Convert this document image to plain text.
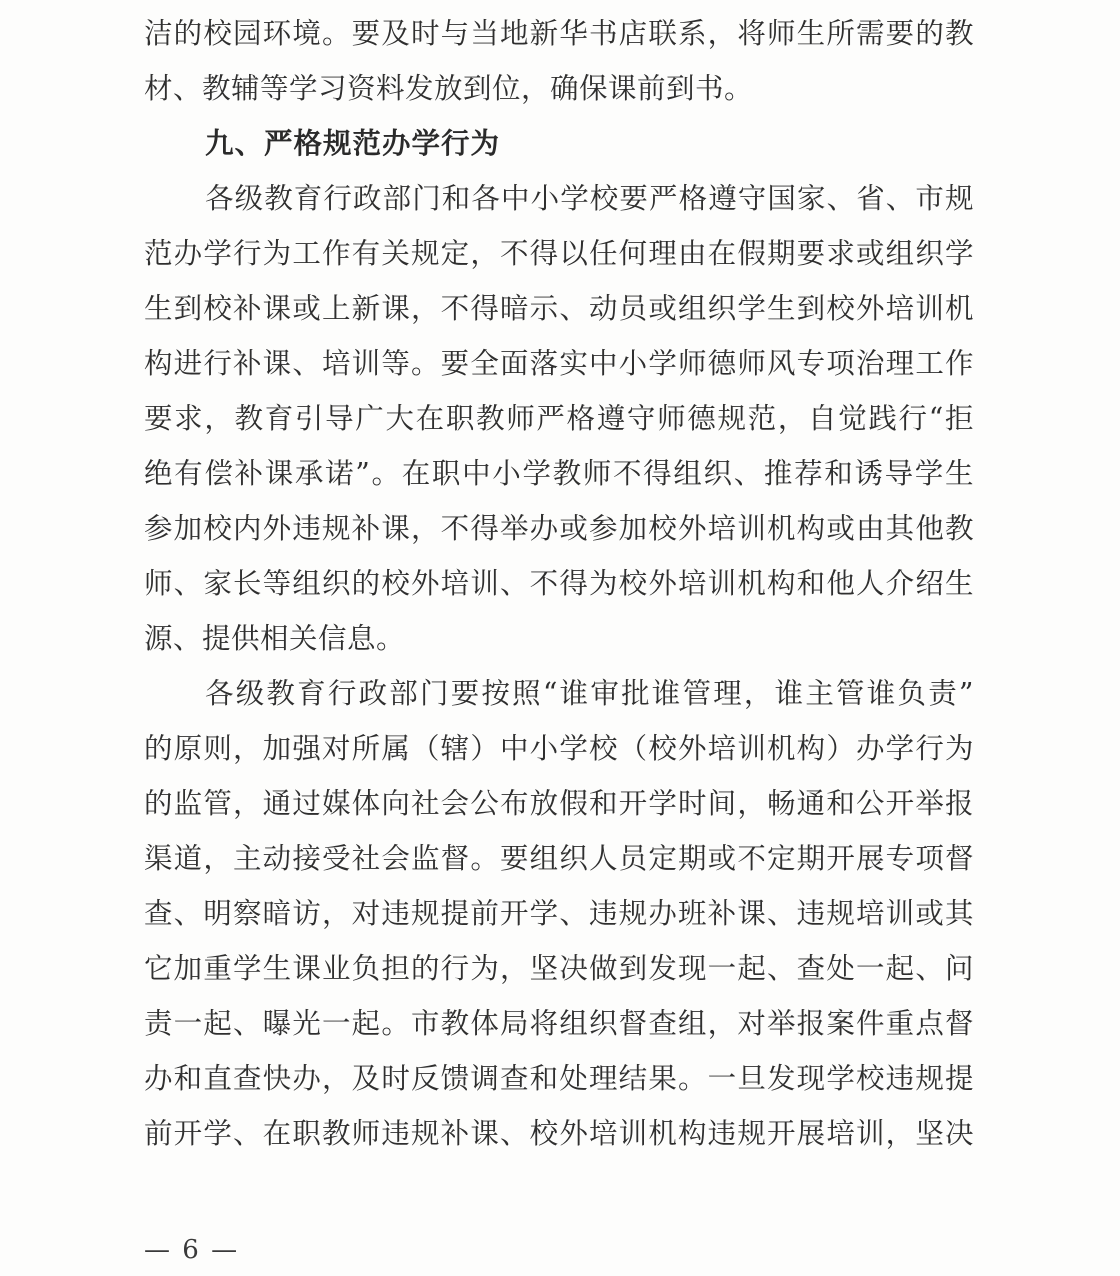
洁的校园环境。要及时与当地新华书店联系，将师生所需要的教
材、教辅等学习资料发放到位，确保课前到书。
九、严格规范办学行为
各级教育行政部门和各中小学校要严格遵守国家、省、市规
范办学行为工作有关规定，不得以任何理由在假期要求或组织学
生到校补课或上新课，不得暗示、动员或组织学生到校外培训机
构进行补课、培训等。要全面落实中小学师德师风专项治理工作
要求，教育引导广大在职教师严格遵守师德规范，自觉践行“拒
绝有偿补课承诺”。在职中小学教师不得组织、推荐和诱导学生
参加校内外违规补课，不得举办或参加校外培训机构或由其他教
师、家长等组织的校外培训、不得为校外培训机构和他人介绍生
源、提供相关信息。
各级教育行政部门要按照“谁审批谁管理，谁主管谁负责”
的原则，加强对所属（辖）中小学校（校外培训机构）办学行为
的监管，通过媒体向社会公布放假和开学时间，畅通和公开举报
渠道，主动接受社会监督。要组织人员定期或不定期开展专项督
查、明察暗访，对违规提前开学、违规办班补课、违规培训或其
它加重学生课业负担的行为，坚决做到发现一起、查处一起、问
责一起、曝光一起。市教体局将组织督查组，对举报案件重点督
办和直查快办，及时反馈调查和处理结果。一旦发现学校违规提
前开学、在职教师违规补课、校外培训机构违规开展培训，坚决
— 6 —
